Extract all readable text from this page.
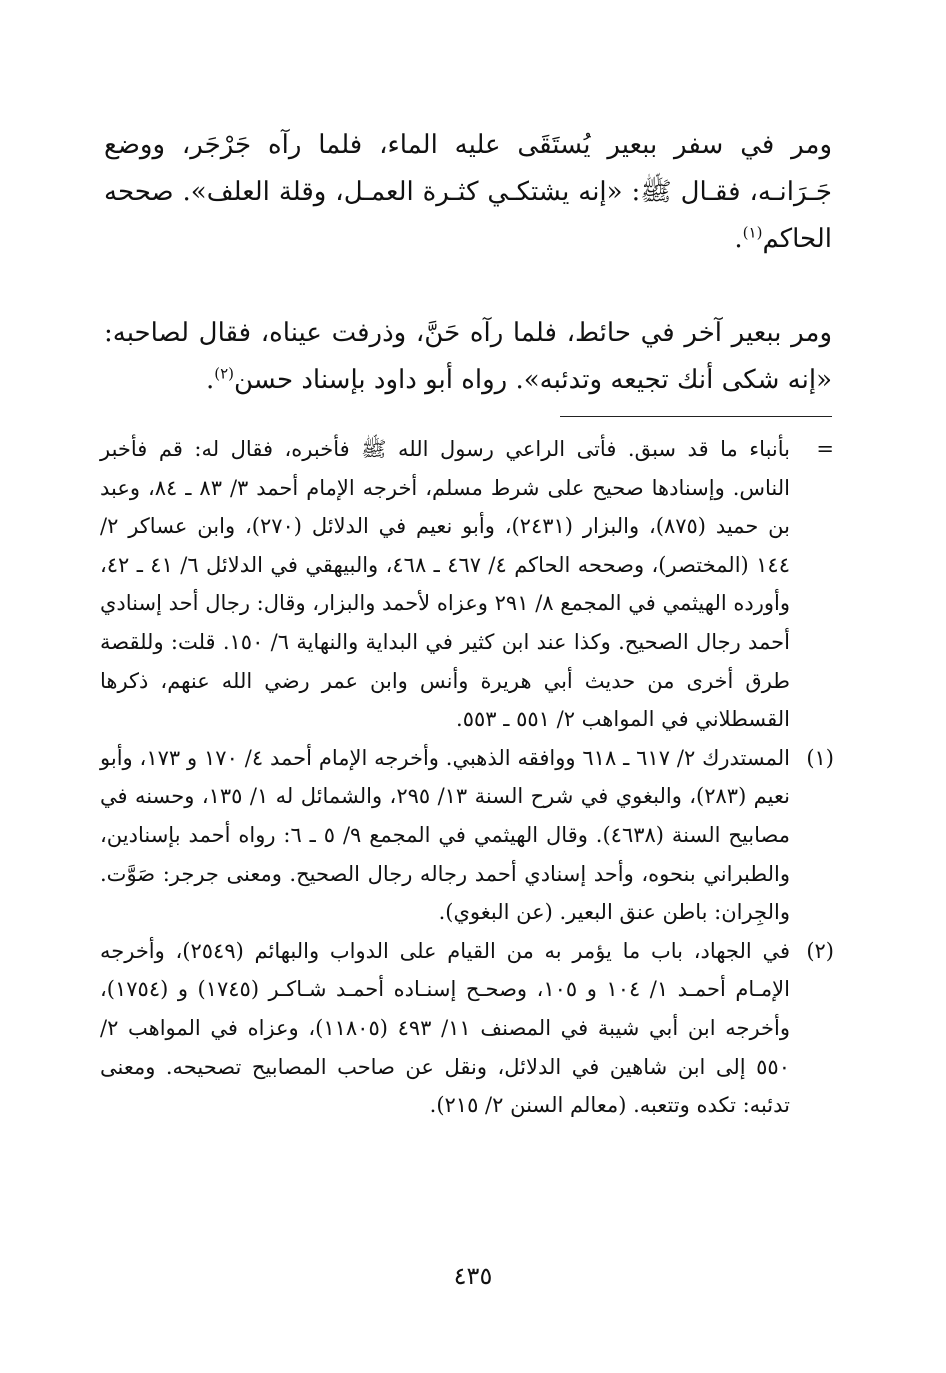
ومر في سفر ببعير يُستَقَى عليه الماء، فلما رآه جَرْجَر، ووضع جَـرَانـه، فقـال ﷺ: «إنه يشتكـي كثـرة العمـل، وقلة العلف». صححه الحاكم$^{(١)}$.

ومر ببعير آخر في حائط، فلما رآه حَنَّ، وذرفت عيناه، فقال لصاحبه: «إنه شكى أنك تجيعه وتدئبه». رواه أبو داود بإسناد حسن$^{(٢)}$.

=
بأنباء ما قد سبق. فأتى الراعي رسول الله ﷺ فأخبره، فقال له: قم فأخبر الناس. وإسنادها صحيح على شرط مسلم، أخرجه الإمام أحمد ٣/ ٨٣ ـ ٨٤، وعبد بن حميد (٨٧٥)، والبزار (٢٤٣١)، وأبو نعيم في الدلائل (٢٧٠)، وابن عساكر ٢/ ١٤٤ (المختصر)، وصححه الحاكم ٤/ ٤٦٧ ـ ٤٦٨، والبيهقي في الدلائل ٦/ ٤١ ـ ٤٢، وأورده الهيثمي في المجمع ٨/ ٢٩١ وعزاه لأحمد والبزار، وقال: رجال أحد إسنادي أحمد رجال الصحيح. وكذا عند ابن كثير في البداية والنهاية ٦/ ١٥٠. قلت: وللقصة طرق أخرى من حديث أبي هريرة وأنس وابن عمر رضي الله عنهم، ذكرها القسطلاني في المواهب ٢/ ٥٥١ ـ ٥٥٣.

(١)
المستدرك ٢/ ٦١٧ ـ ٦١٨ ووافقه الذهبي. وأخرجه الإمام أحمد ٤/ ١٧٠ و ١٧٣، وأبو نعيم (٢٨٣)، والبغوي في شرح السنة ١٣/ ٢٩٥، والشمائل له ١/ ١٣٥، وحسنه في مصابيح السنة (٤٦٣٨). وقال الهيثمي في المجمع ٩/ ٥ ـ ٦: رواه أحمد بإسنادين، والطبراني بنحوه، وأحد إسنادي أحمد رجاله رجال الصحيح. ومعنى جرجر: صَوَّت. والجِران: باطن عنق البعير. (عن البغوي).

(٢)
في الجهاد، باب ما يؤمر به من القيام على الدواب والبهائم (٢٥٤٩)، وأخرجه الإمـام أحمـد ١/ ١٠٤ و ١٠٥، وصحـح إسنـاده أحمـد شـاكـر (١٧٤٥) و (١٧٥٤)، وأخرجه ابن أبي شيبة في المصنف ١١/ ٤٩٣ (١١٨٠٥)، وعزاه في المواهب ٢/ ٥٥٠ إلى ابن شاهين في الدلائل، ونقل عن صاحب المصابيح تصحيحه. ومعنى تدئبه: تكده وتتعبه. (معالم السنن ٢/ ٢١٥).

٤٣٥
